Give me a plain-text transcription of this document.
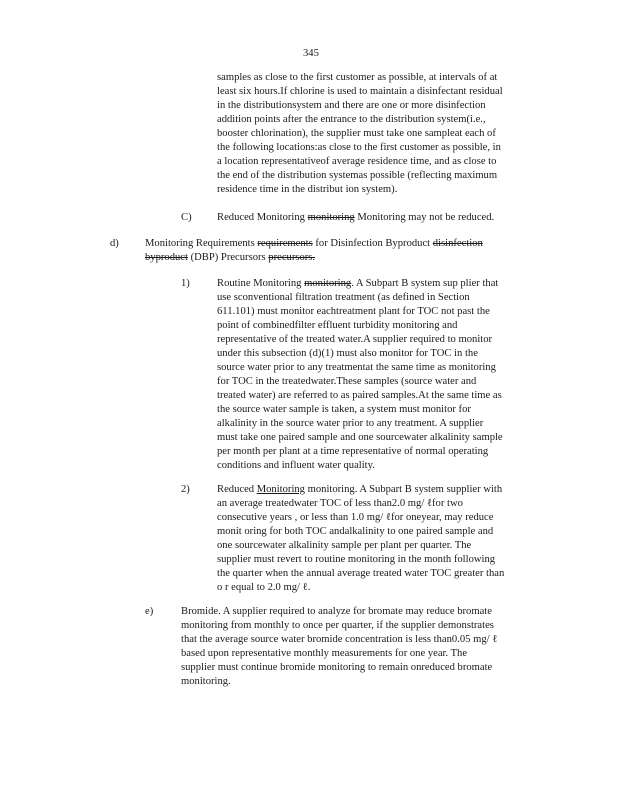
345
samples as close to the first customer as possible, at intervals of at
least six hours.If chlorine is used to maintain a disinfectant residual
in the distributionsystem and there are one or more disinfection
addition points after the entrance to the distribution system(i.e.,
booster chlorination), the supplier must take one sampleat each of
the following locations:as close to the first customer as possible, in
a location representativeof average residence time, and as close to
the end of the distribution systemas possible (reflecting maximum
residence time in the distribut ion system).
C) Reduced Monitoring monitoring Monitoring may not be reduced.
d) Monitoring Requirements requirements for Disinfection Byproduct disinfection
byproduct (DBP) Precursors precursors.
1)	Routine Monitoring monitoring. A Subpart B system sup plier that
use sconventional filtration treatment (as defined in Section
611.101) must monitor eachtreatment plant for TOC not past the
point of combinedfilter effluent turbidity monitoring and
representative of the treated water.A supplier required to monitor
under this subsection (d)(1) must also monitor for TOC in the
source water prior to any treatmentat the same time as monitoring
for TOC in the treatedwater.These samples (source water and
treated water) are referred to as paired samples.At the same time as
the source water sample is taken, a system must monitor for
alkalinity in the source water prior to any treatment. A supplier
must take one paired sample and one sourcewater alkalinity sample
per month per plant at a time representative of normal operating
conditions and influent water quality.
2)	Reduced Monitoring monitoring. A Subpart B system supplier with
an average treatedwater TOC of less than2.0 mg/ ℓfor two
consecutive years , or less than 1.0 mg/ ℓfor oneyear, may reduce
monit oring for both TOC andalkalinity to one paired sample and
one sourcewater alkalinity sample per plant per quarter. The
supplier must revert to routine monitoring in the month following
the quarter when the annual average treated water TOC greater than
o r equal to 2.0 mg/ ℓ.
e)	Bromide. A supplier required to analyze for bromate may reduce bromate
monitoring from monthly to once per quarter, if the supplier demonstrates
that the average source water bromide concentration is less than0.05 mg/ ℓ
based upon representative monthly measurements for one year. The
supplier must continue bromide monitoring to remain onreduced bromate
monitoring.
